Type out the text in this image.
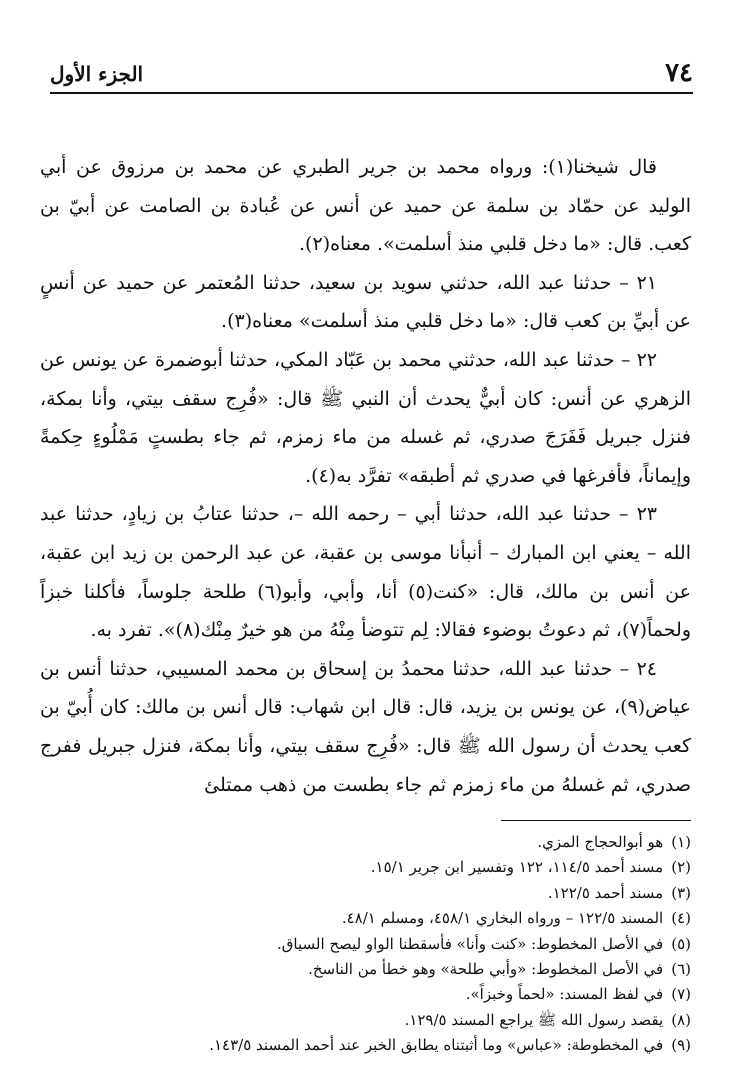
٧٤
الجزء الأول

قال شيخنا(١): ورواه محمد بن جرير الطبري عن محمد بن مرزوق عن أبي الوليد عن حمّاد بن سلمة عن حميد عن أنس عن عُبادة بن الصامت عن أبيّ بن كعب. قال: «ما دخل قلبي منذ أسلمت». معناه(٢).

٢١ – حدثنا عبد الله، حدثني سويد بن سعيد، حدثنا المُعتمر عن حميد عن أنسٍ عن أبيِّ بن كعب قال: «ما دخل قلبي منذ أسلمت» معناه(٣).

٢٢ – حدثنا عبد الله، حدثني محمد بن عَبّاد المكي، حدثنا أبوضمرة عن يونس عن الزهري عن أنس: كان أبيٌّ يحدث أن النبي ﷺ قال: «فُرِج سقف بيتي، وأنا بمكة، فنزل جبريل فَفَرَجَ صدري، ثم غسله من ماء زمزم، ثم جاء بطستٍ مَمْلُوءٍ حِكمةً وإيماناً، فأفرغها في صدري ثم أطبقه» تفرَّد به(٤).

٢٣ – حدثنا عبد الله، حدثنا أبي – رحمه الله –، حدثنا عتابُ بن زيادٍ، حدثنا عبد الله – يعني ابن المبارك – أنبأنا موسى بن عقبة، عن عبد الرحمن بن زيد ابن عقبة، عن أنس بن مالك، قال: «كنت(٥) أنا، وأبي، وأبو(٦) طلحة جلوساً، فأكلنا خبزاً ولحماً(٧)، ثم دعوتُ بوضوء فقالا: لِم تتوضأ مِنْهُ من هو خيرٌ مِنْك(٨)». تفرد به.

٢٤ – حدثنا عبد الله، حدثنا محمدُ بن إسحاق بن محمد المسيبي، حدثنا أنس بن عياض(٩)، عن يونس بن يزيد، قال: قال ابن شهاب: قال أنس بن مالك: كان أُبيّ بن كعب يحدث أن رسول الله ﷺ قال: «فُرِج سقف بيتي، وأنا بمكة، فنزل جبريل ففرج صدري، ثم غسلهُ من ماء زمزم ثم جاء بطست من ذهب ممتلئ

(١)هو أبوالحجاج المزي.
(٢)مسند أحمد ١١٤/٥، ١٢٢ وتفسير ابن جرير ١٥/١.
(٣)مسند أحمد ١٢٢/٥.
(٤)المسند ١٢٢/٥ – ورواه البخاري ٤٥٨/١، ومسلم ٤٨/١.
(٥)في الأصل المخطوط: «كنت وأنا» فأسقطنا الواو ليصح السياق.
(٦)في الأصل المخطوط: «وأبي طلحة» وهو خطأ من الناسخ.
(٧)في لفظ المسند: «لحماً وخبزاً».
(٨)يقصد رسول الله ﷺ يراجع المسند ١٢٩/٥.
(٩)في المخطوطة: «عباس» وما أثبتناه يطابق الخبر عند أحمد المسند ١٤٣/٥.
